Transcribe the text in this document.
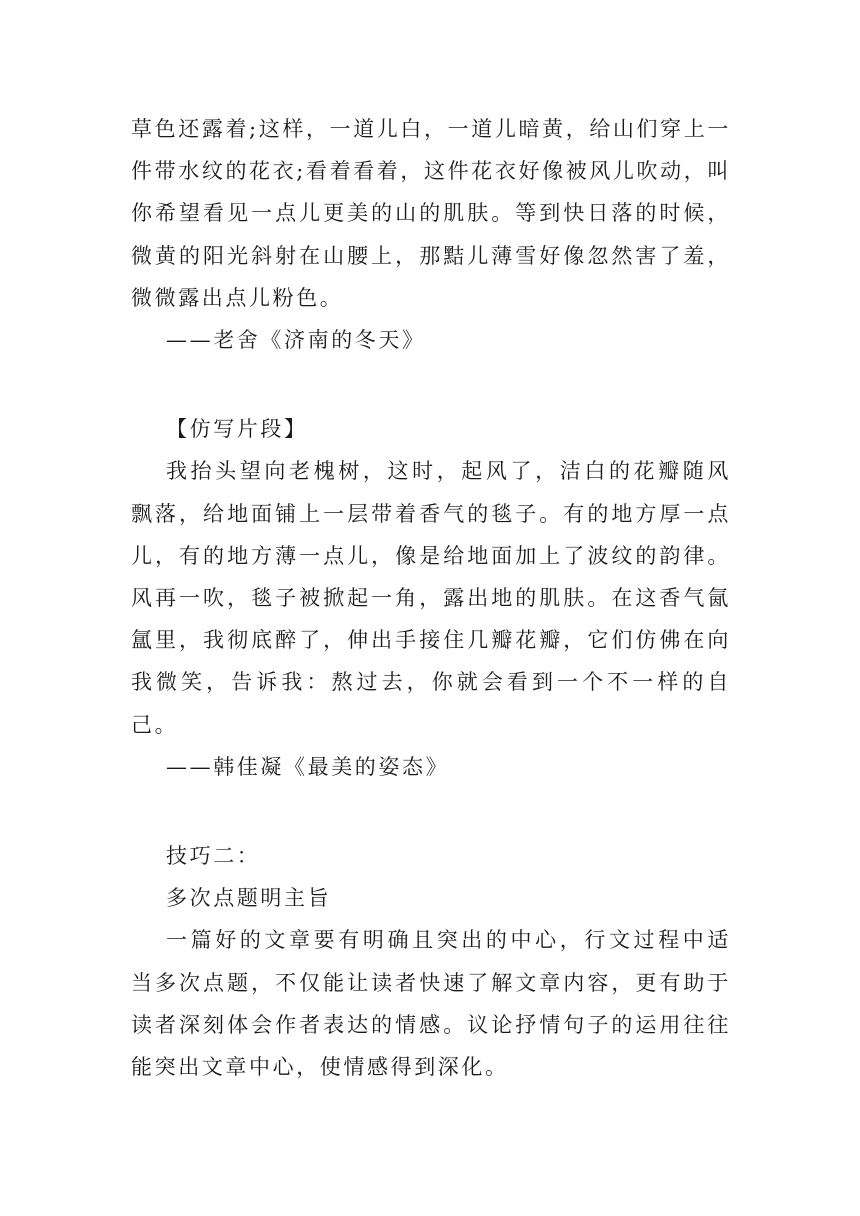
草色还露着;这样，一道儿白，一道儿暗黄，给山们穿上一件带水纹的花衣;看着看着，这件花衣好像被风儿吹动，叫你希望看见一点儿更美的山的肌肤。等到快日落的时候，微黄的阳光斜射在山腰上，那黠儿薄雪好像忽然害了羞，微微露出点儿粉色。

——老舍《济南的冬天》

【仿写片段】

我抬头望向老槐树，这时，起风了，洁白的花瓣随风飘落，给地面铺上一层带着香气的毯子。有的地方厚一点儿，有的地方薄一点儿，像是给地面加上了波纹的韵律。风再一吹，毯子被掀起一角，露出地的肌肤。在这香气氤氲里，我彻底醉了，伸出手接住几瓣花瓣，它们仿佛在向我微笑，告诉我：熬过去，你就会看到一个不一样的自己。

——韩佳凝《最美的姿态》

技巧二：

多次点题明主旨

一篇好的文章要有明确且突出的中心，行文过程中适当多次点题，不仅能让读者快速了解文章内容，更有助于读者深刻体会作者表达的情感。议论抒情句子的运用往往能突出文章中心，使情感得到深化。
